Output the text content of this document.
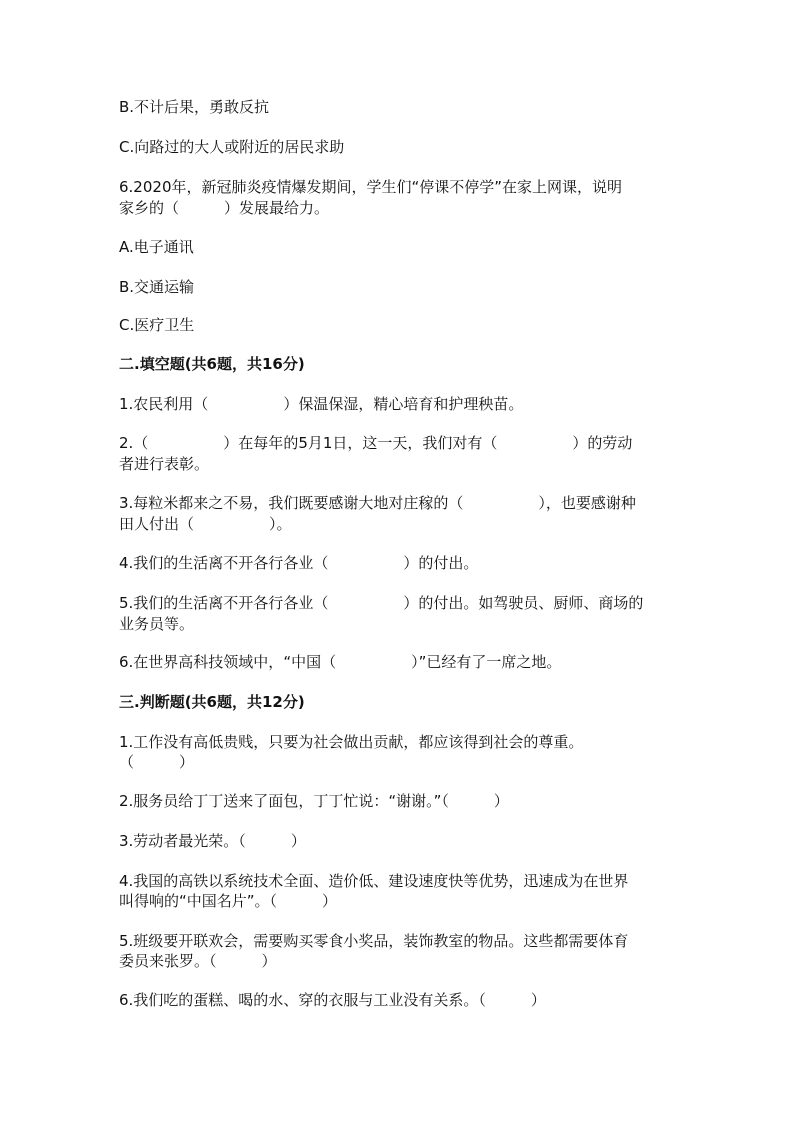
B.不计后果，勇敢反抗
C.向路过的大人或附近的居民求助
6.2020年，新冠肺炎疫情爆发期间，学生们“停课不停学”在家上网课，说明
家乡的（　　　）发展最给力。
A.电子通讯
B.交通运输
C.医疗卫生
二.填空题(共6题，共16分)
1.农民利用（　　　　　）保温保湿，精心培育和护理秧苗。
2.（　　　　　）在每年的5月1日，这一天，我们对有（　　　　　）的劳动
者进行表彰。
3.每粒米都来之不易，我们既要感谢大地对庄稼的（　　　　　），也要感谢种
田人付出（　　　　　）。
4.我们的生活离不开各行各业（　　　　　）的付出。
5.我们的生活离不开各行各业（　　　　　）的付出。如驾驶员、厨师、商场的
业务员等。
6.在世界高科技领域中，“中国（　　　　　）”已经有了一席之地。
三.判断题(共6题，共12分)
1.工作没有高低贵贱，只要为社会做出贡献，都应该得到社会的尊重。
（　　　）
2.服务员给丁丁送来了面包，丁丁忙说：“谢谢。”（　　　）
3.劳动者最光荣。（　　　）
4.我国的高铁以系统技术全面、造价低、建设速度快等优势，迅速成为在世界
叫得响的“中国名片”。（　　　）
5.班级要开联欢会，需要购买零食小奖品，装饰教室的物品。这些都需要体育
委员来张罗。（　　　）
6.我们吃的蛋糕、喝的水、穿的衣服与工业没有关系。（　　　）
